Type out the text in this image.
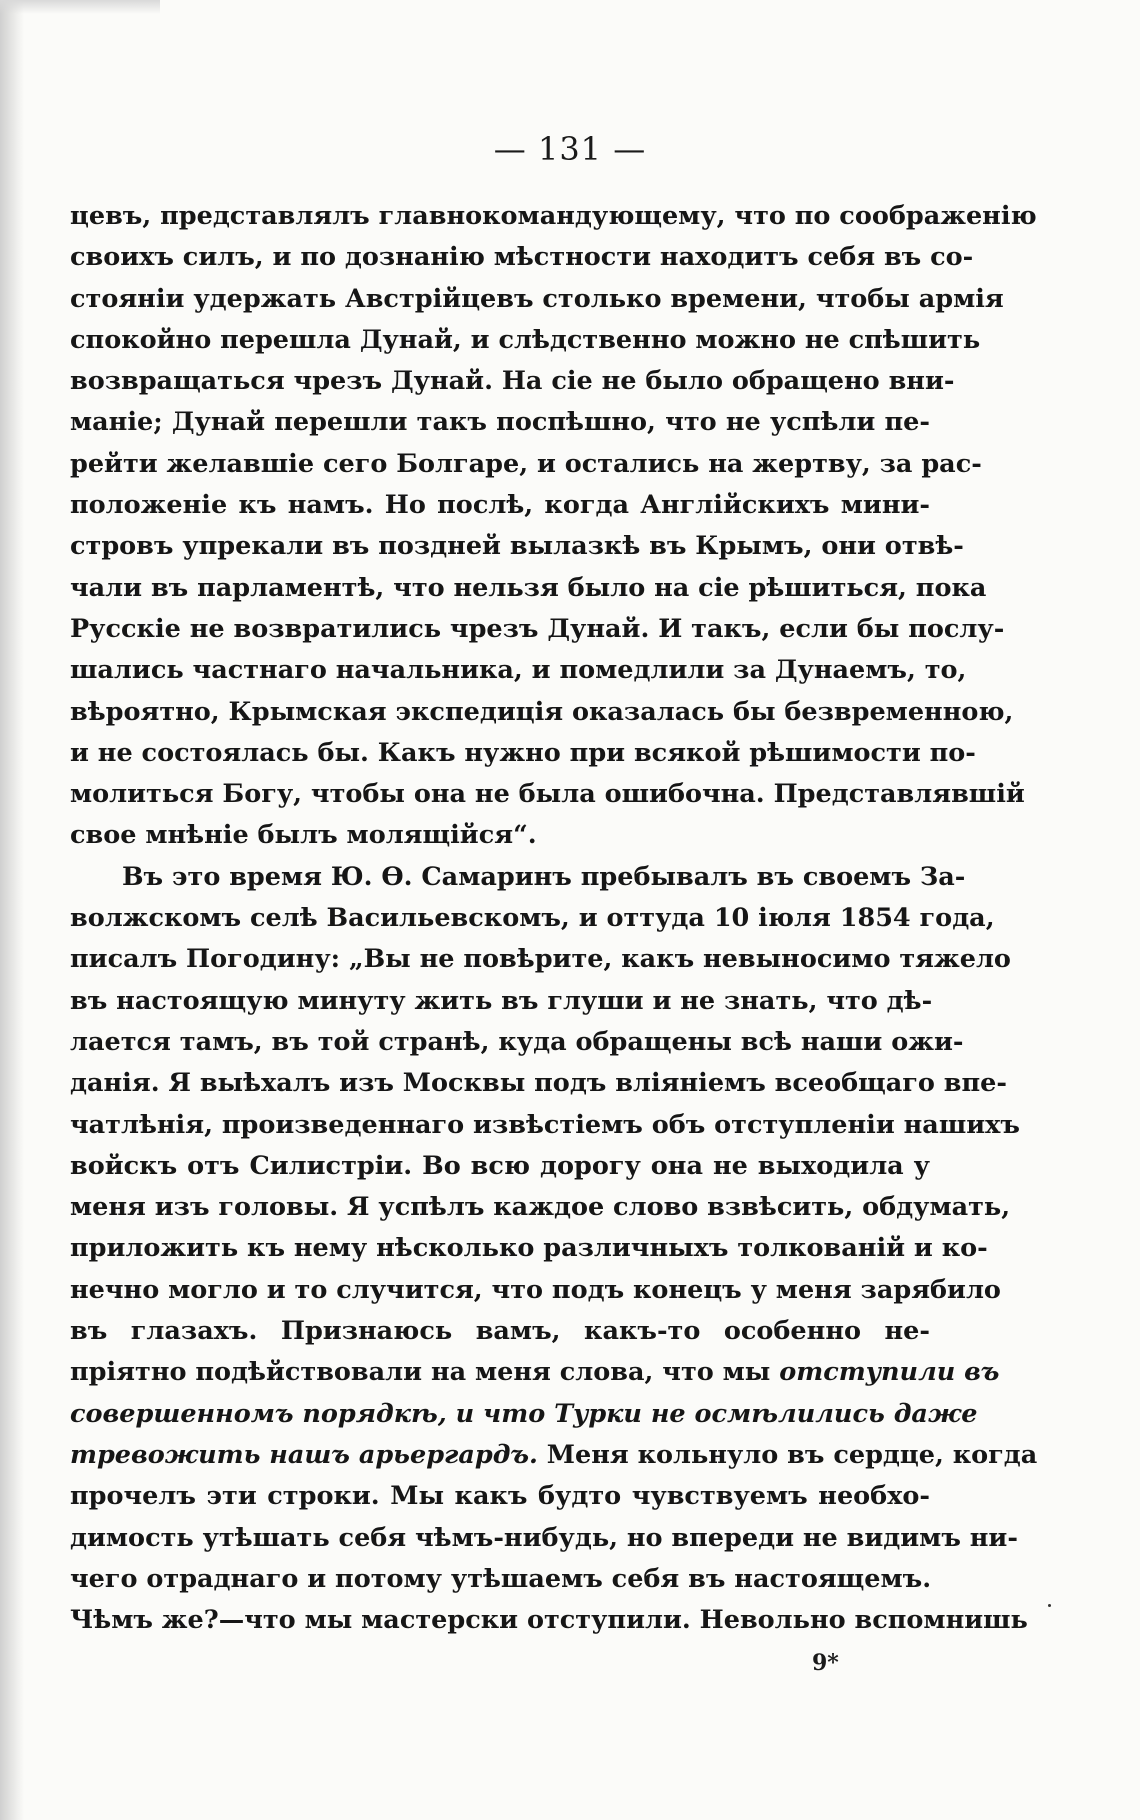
— 131 —
цевъ, представлялъ главнокомандующему, что по соображенію
своихъ силъ, и по дознанію мѣстности находитъ себя въ со-
стояніи удержать Австрійцевъ столько времени, чтобы армія
спокойно перешла Дунай, и слѣдственно можно не спѣшить
возвращаться чрезъ Дунай. На сіе не было обращено вни-
маніе; Дунай перешли такъ поспѣшно, что не успѣли пе-
рейти желавшіе сего Болгаре, и остались на жертву, за рас-
положеніе къ намъ. Но послѣ, когда Англійскихъ мини-
стровъ упрекали въ поздней вылазкѣ въ Крымъ, они отвѣ-
чали въ парламентѣ, что нельзя было на сіе рѣшиться, пока
Русскіе не возвратились чрезъ Дунай. И такъ, если бы послу-
шались частнаго начальника, и помедлили за Дунаемъ, то,
вѣроятно, Крымская экспедиція оказалась бы безвременною,
и не состоялась бы. Какъ нужно при всякой рѣшимости по-
молиться Богу, чтобы она не была ошибочна. Представлявшій
свое мнѣніе былъ молящійся“.
Въ это время Ю. Ѳ. Самаринъ пребывалъ въ своемъ За-
волжскомъ селѣ Васильевскомъ, и оттуда 10 іюля 1854 года,
писалъ Погодину: „Вы не повѣрите, какъ невыносимо тяжело
въ настоящую минуту жить въ глуши и не знать, что дѣ-
лается тамъ, въ той странѣ, куда обращены всѣ наши ожи-
данія. Я выѣхалъ изъ Москвы подъ вліяніемъ всеобщаго впе-
чатлѣнія, произведеннаго извѣстіемъ объ отступленіи нашихъ
войскъ отъ Силистріи. Во всю дорогу она не выходила у
меня изъ головы. Я успѣлъ каждое слово взвѣсить, обдумать,
приложить къ нему нѣсколько различныхъ толкованій и ко-
нечно могло и то случится, что подъ конецъ у меня зарябило
въ глазахъ. Признаюсь вамъ, какъ-то особенно не-
пріятно подѣйствовали на меня слова, что мы отступили въ
совершенномъ порядкѣ, и что Турки не осмѣлились даже
тревожить нашъ арьергардъ. Меня кольнуло въ сердце, когда
прочелъ эти строки. Мы какъ будто чувствуемъ необхо-
димость утѣшать себя чѣмъ-нибудь, но впереди не видимъ ни-
чего отраднаго и потому утѣшаемъ себя въ настоящемъ.
Чѣмъ же?—что мы мастерски отступили. Невольно вспомнишь
9*
